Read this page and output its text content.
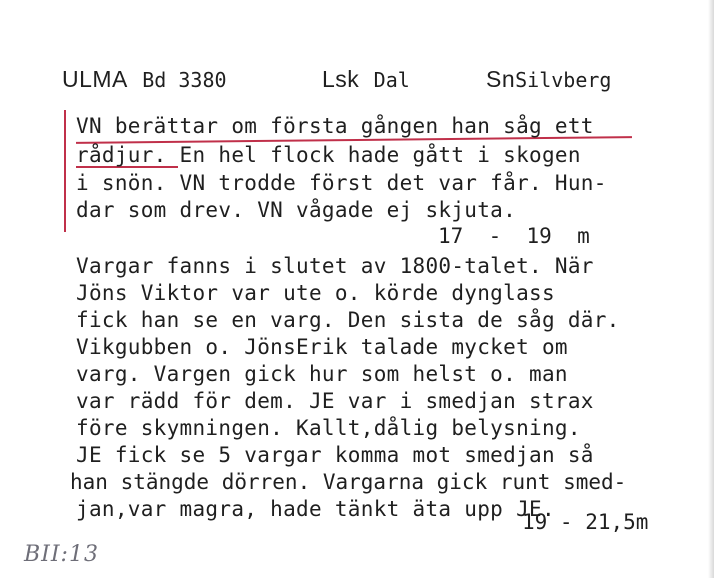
ULMA Bd 3380	Lsk Dal	SnSilvberg
VN berättar om första gången han såg ett
rådjur. En hel flock hade gått i skogen
i snön. VN trodde först det var får. Hun-
dar som drev. VN vågade ej skjuta.
17  -  19  m
Vargar fanns i slutet av 1800-talet. När
Jöns Viktor var ute o. körde dynglass
fick han se en varg. Den sista de såg där.
Vikgubben o. JönsErik talade mycket om
varg. Vargen gick hur som helst o. man
var rädd för dem. JE var i smedjan strax
före skymningen. Kallt,dålig belysning.
JE fick se 5 vargar komma mot smedjan så
han stängde dörren. Vargarna gick runt smed-
jan,var magra, hade tänkt äta upp JE.
19 - 21,5m
BII:13
